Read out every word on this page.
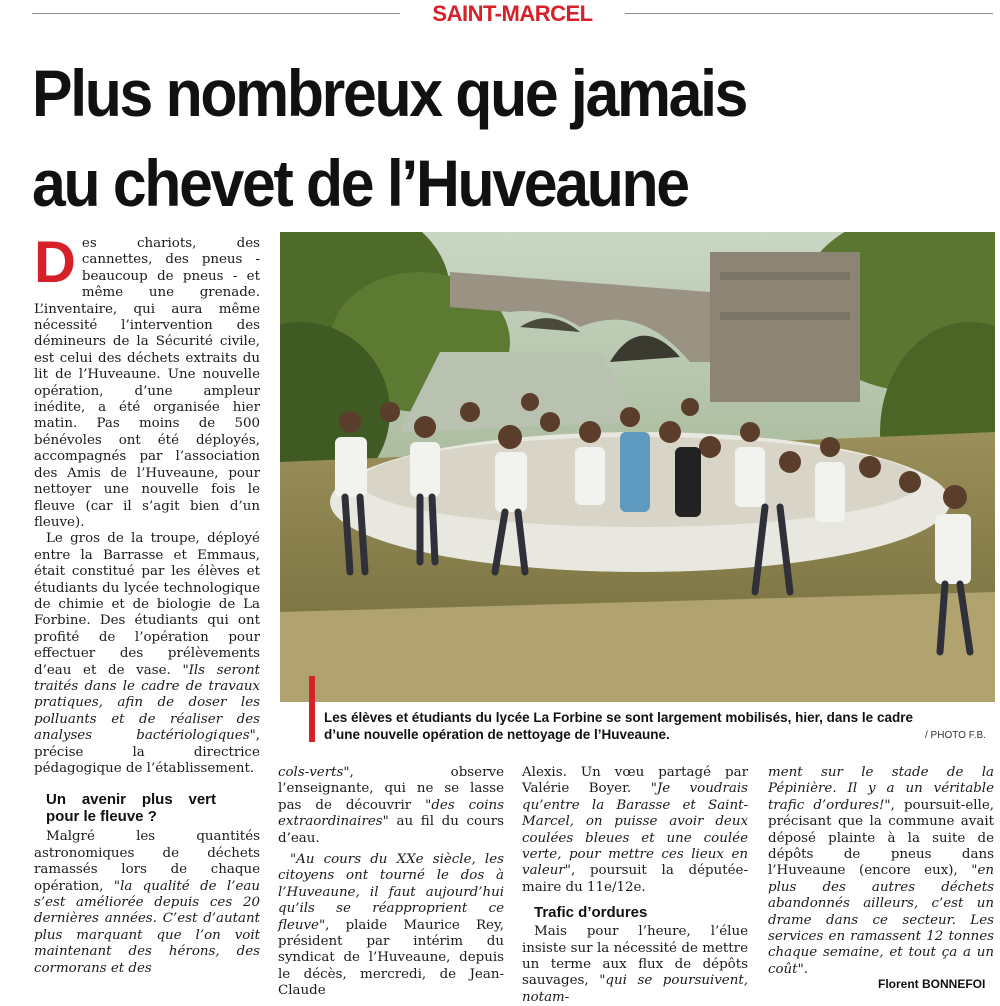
SAINT-MARCEL
Plus nombreux que jamais
au chevet de l’Huveaune

Des chariots, des cannettes, des pneus - beaucoup de pneus - et même une grenade. L’inventaire, qui aura même nécessité l’intervention des démineurs de la Sécurité civile, est celui des déchets extraits du lit de l’Huveaune. Une nouvelle opération, d’une ampleur inédite, a été organisée hier matin. Pas moins de 500 bénévoles ont été déployés, accompagnés par l’association des Amis de l’Huveaune, pour nettoyer une nouvelle fois le fleuve (car il s’agit bien d’un fleuve).

Le gros de la troupe, déployé entre la Barrasse et Emmaus, était constitué par les élèves et étudiants du lycée technologique de chimie et de biologie de La Forbine. Des étudiants qui ont profité de l’opération pour effectuer des prélèvements d’eau et de vase. "Ils seront traités dans le cadre de travaux pratiques, afin de doser les polluants et de réaliser des analyses bactériologiques", précise la directrice pédagogique de l’établissement.

Un avenir plus vert pour le fleuve ?

Malgré les quantités astronomiques de déchets ramassés lors de chaque opération, "la qualité de l’eau s’est améliorée depuis ces 20 dernières années. C’est d’autant plus marquant que l’on voit maintenant des hérons, des cormorans et des

Les élèves et étudiants du lycée La Forbine se sont largement mobilisés, hier, dans le cadre d’une nouvelle opération de nettoyage de l’Huveaune.	/ PHOTO F.B.

cols-verts", observe l’enseignante, qui ne se lasse pas de découvrir "des coins extraordinaires" au fil du cours d’eau.

"Au cours du XXe siècle, les citoyens ont tourné le dos à l’Huveaune, il faut aujourd’hui qu’ils se réapproprient ce fleuve", plaide Maurice Rey, président par intérim du syndicat de l’Huveaune, depuis le décès, mercredi, de Jean-Claude

Alexis. Un vœu partagé par Valérie Boyer. "Je voudrais qu’entre la Barasse et Saint-Marcel, on puisse avoir deux coulées bleues et une coulée verte, pour mettre ces lieux en valeur", poursuit la députée-maire du 11e/12e.

Trafic d’ordures

Mais pour l’heure, l’élue insiste sur la nécessité de mettre un terme aux flux de dépôts sauvages, "qui se poursuivent, notam-

ment sur le stade de la Pépinière. Il y a un véritable trafic d’ordures!", poursuit-elle, précisant que la commune avait déposé plainte à la suite de dépôts de pneus dans l’Huveaune (encore eux), "en plus des autres déchets abandonnés ailleurs, c’est un drame dans ce secteur. Les services en ramassent 12 tonnes chaque semaine, et tout ça a un coût".

Florent BONNEFOI
